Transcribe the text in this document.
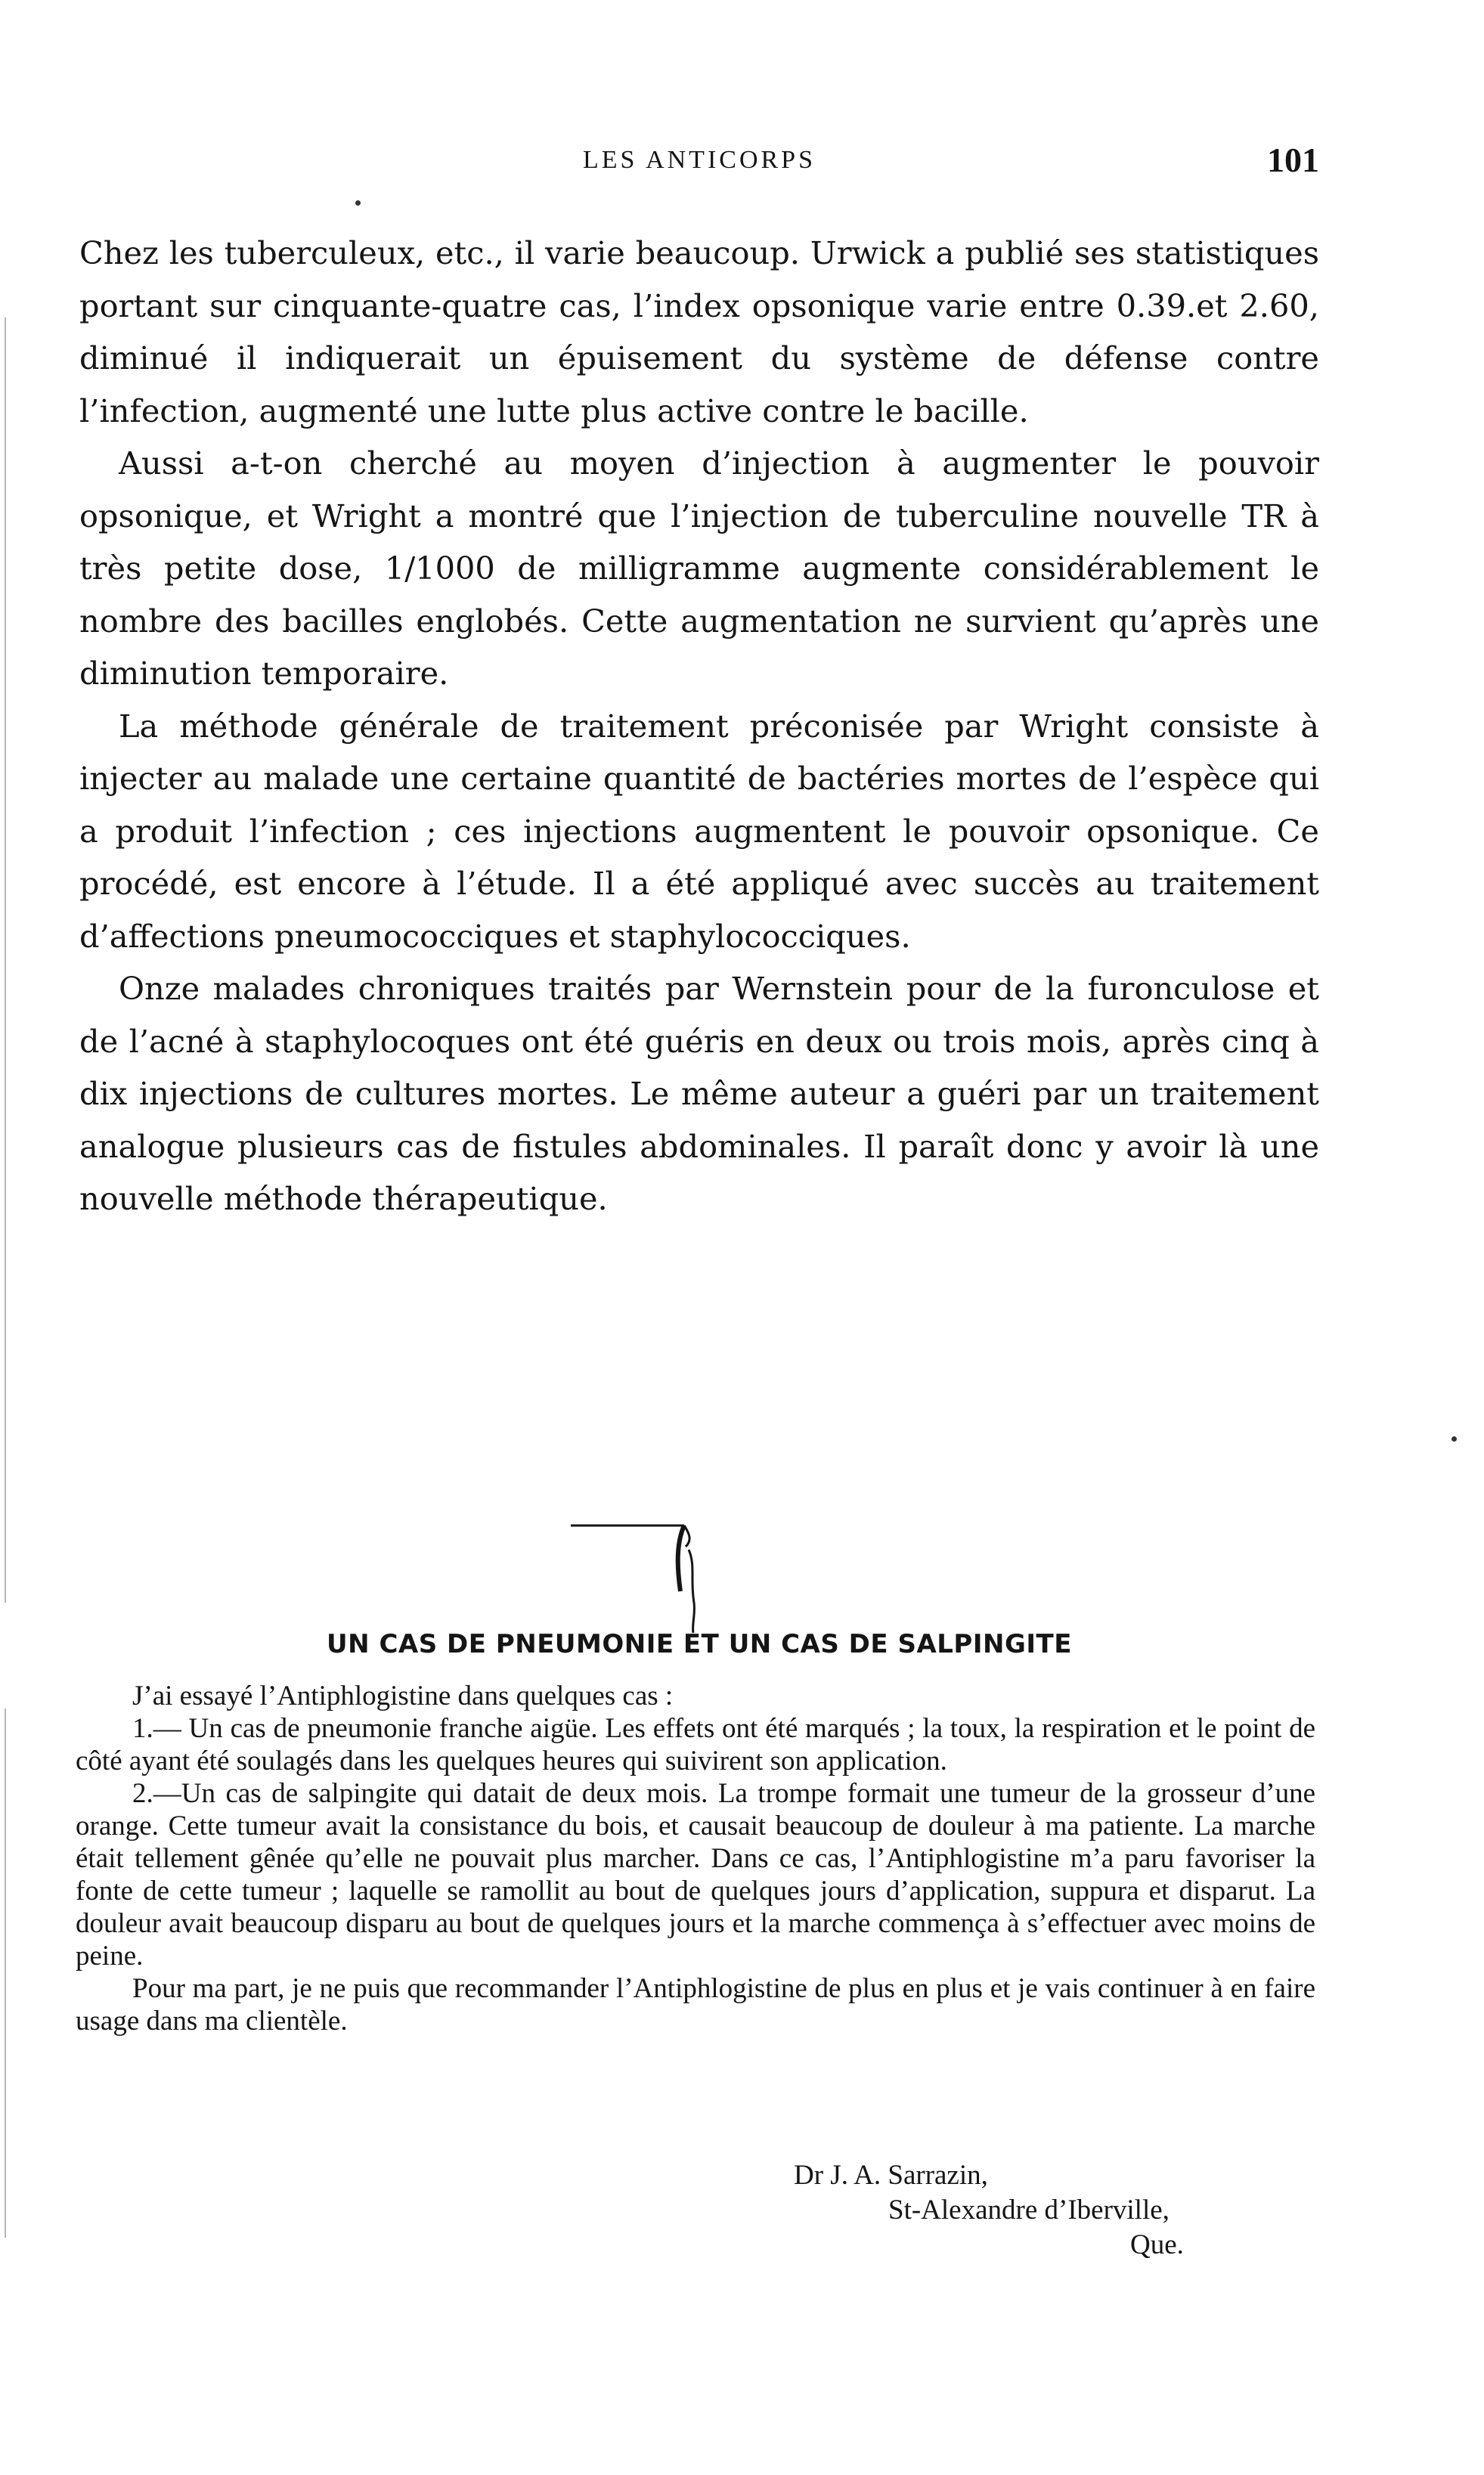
LES ANTICORPS	101

Chez les tuberculeux, etc., il varie beaucoup. Urwick a publié ses statistiques portant sur cinquante-quatre cas, l’index opsonique varie entre 0.39.et 2.60, diminué il indiquerait un épuisement du système de défense contre l’infection, augmenté une lutte plus active contre le bacille.

Aussi a-t-on cherché au moyen d’injection à augmenter le pouvoir opsonique, et Wright a montré que l’injection de tuberculine nouvelle TR à très petite dose, 1/1000 de milligramme augmente considérablement le nombre des bacilles englobés. Cette augmentation ne survient qu’après une diminution temporaire.

La méthode générale de traitement préconisée par Wright consiste à injecter au malade une certaine quantité de bactéries mortes de l’espèce qui a produit l’infection ; ces injections augmentent le pouvoir opsonique. Ce procédé, est encore à l’étude. Il a été appliqué avec succès au traitement d’affections pneumococciques et staphylococciques.

Onze malades chroniques traités par Wernstein pour de la furonculose et de l’acné à staphylocoques ont été guéris en deux ou trois mois, après cinq à dix injections de cultures mortes. Le même auteur a guéri par un traitement analogue plusieurs cas de fistules abdominales. Il paraît donc y avoir là une nouvelle méthode thérapeutique.

UN CAS DE PNEUMONIE ET UN CAS DE SALPINGITE

J’ai essayé l’Antiphlogistine dans quelques cas :

1.— Un cas de pneumonie franche aigüe. Les effets ont été marqués ; la toux, la respiration et le point de côté ayant été soulagés dans les quelques heures qui suivirent son application.

2.—Un cas de salpingite qui datait de deux mois. La trompe formait une tumeur de la grosseur d’une orange. Cette tumeur avait la consistance du bois, et causait beaucoup de douleur à ma patiente. La marche était tellement gênée qu’elle ne pouvait plus marcher. Dans ce cas, l’Antiphlogistine m’a paru favoriser la fonte de cette tumeur ; laquelle se ramollit au bout de quelques jours d’application, suppura et disparut. La douleur avait beaucoup disparu au bout de quelques jours et la marche commença à s’effectuer avec moins de peine.

Pour ma part, je ne puis que recommander l’Antiphlogistine de plus en plus et je vais continuer à en faire usage dans ma clientèle.

Dr J. A. Sarrazin,
St-Alexandre d’Iberville,
Que.
